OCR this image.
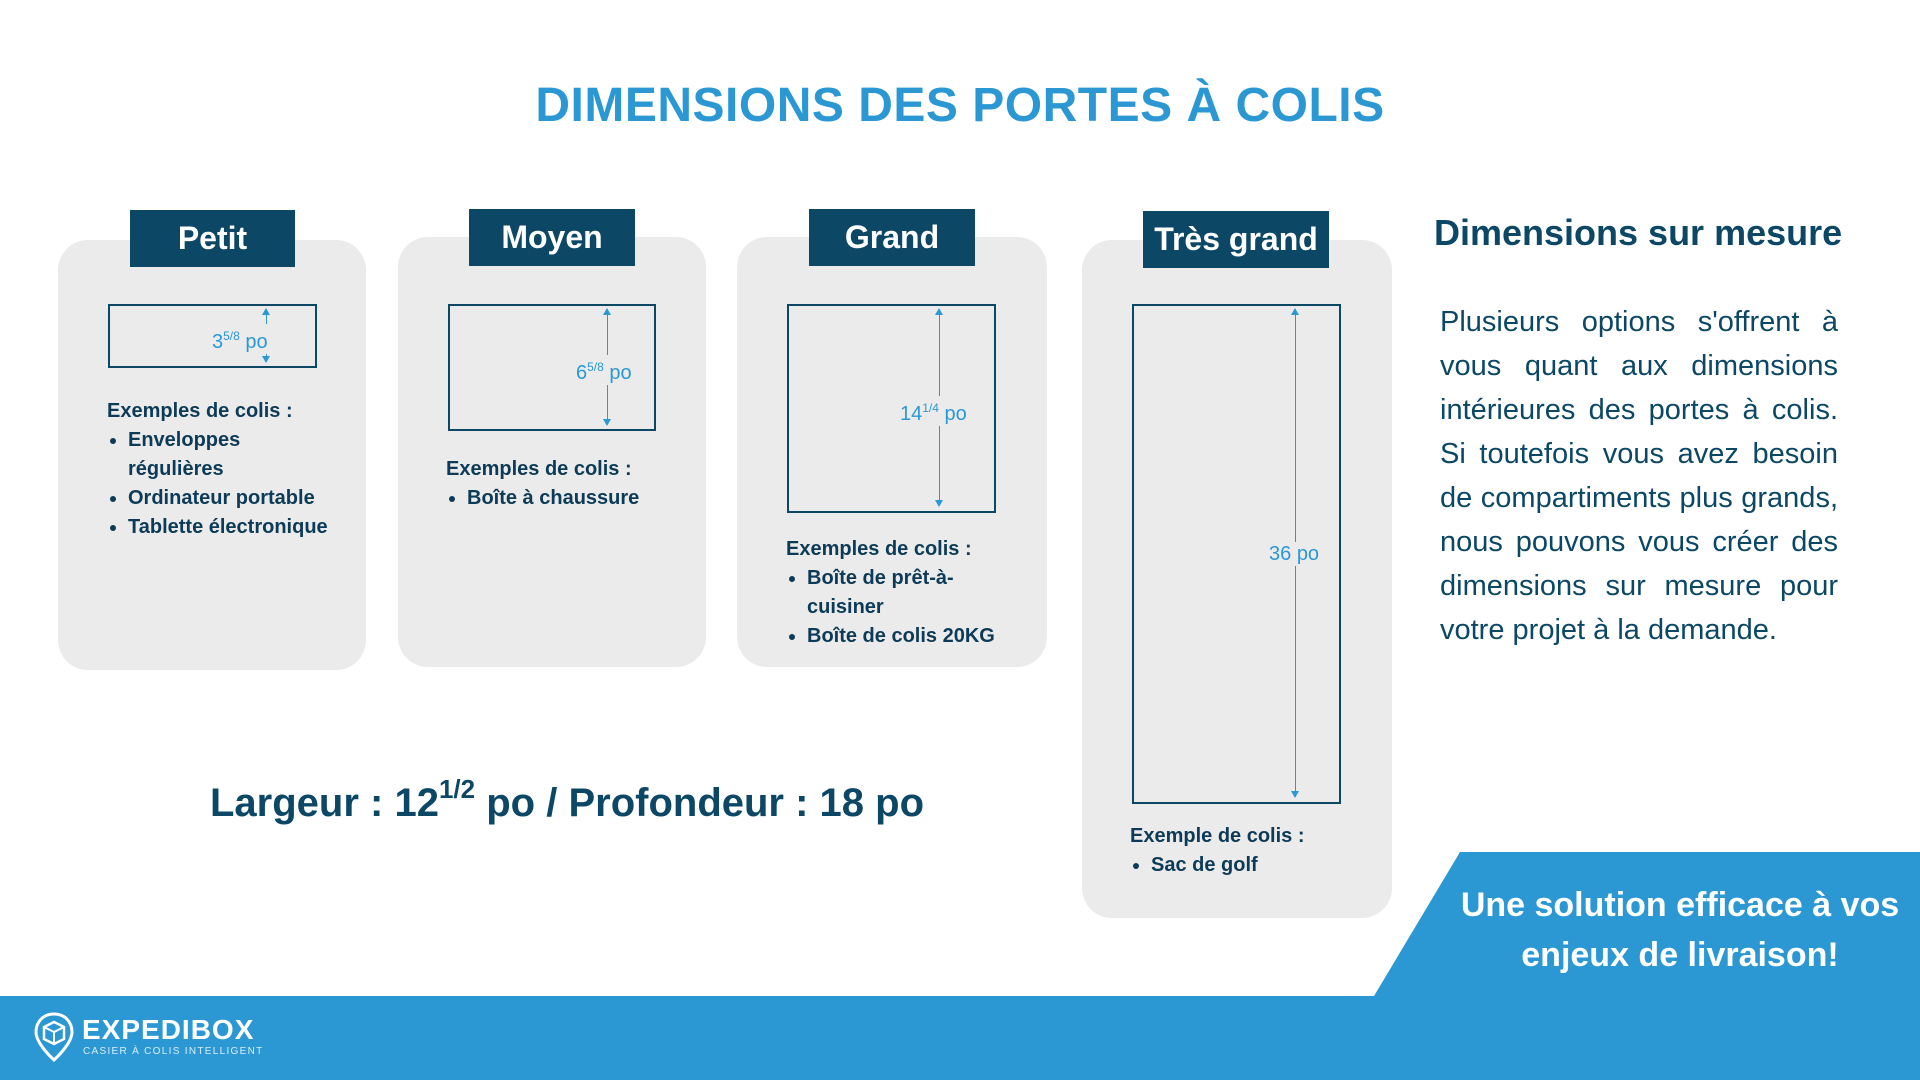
DIMENSIONS DES PORTES À COLIS
Petit
$3^{5/8}$ po
Exemples de colis :
• Enveloppes régulières
• Ordinateur portable
• Tablette électronique
Moyen
$6^{5/8}$ po
Exemples de colis :
• Boîte à chaussure
Grand
$14^{1/4}$ po
Exemples de colis :
• Boîte de prêt-à-cuisiner
• Boîte de colis 20KG
Très grand
36 po
Exemple de colis :
• Sac de golf
Largeur : $12^{1/2}$ po / Profondeur : 18 po
Dimensions sur mesure
Plusieurs options s'offrent à vous quant aux dimensions intérieures des portes à colis. Si toutefois vous avez besoin de compartiments plus grands, nous pouvons vous créer des dimensions sur mesure pour votre projet à la demande.
Une solution efficace à vos
enjeux de livraison!
EXPEDIBOX
CASIER À COLIS INTELLIGENT
